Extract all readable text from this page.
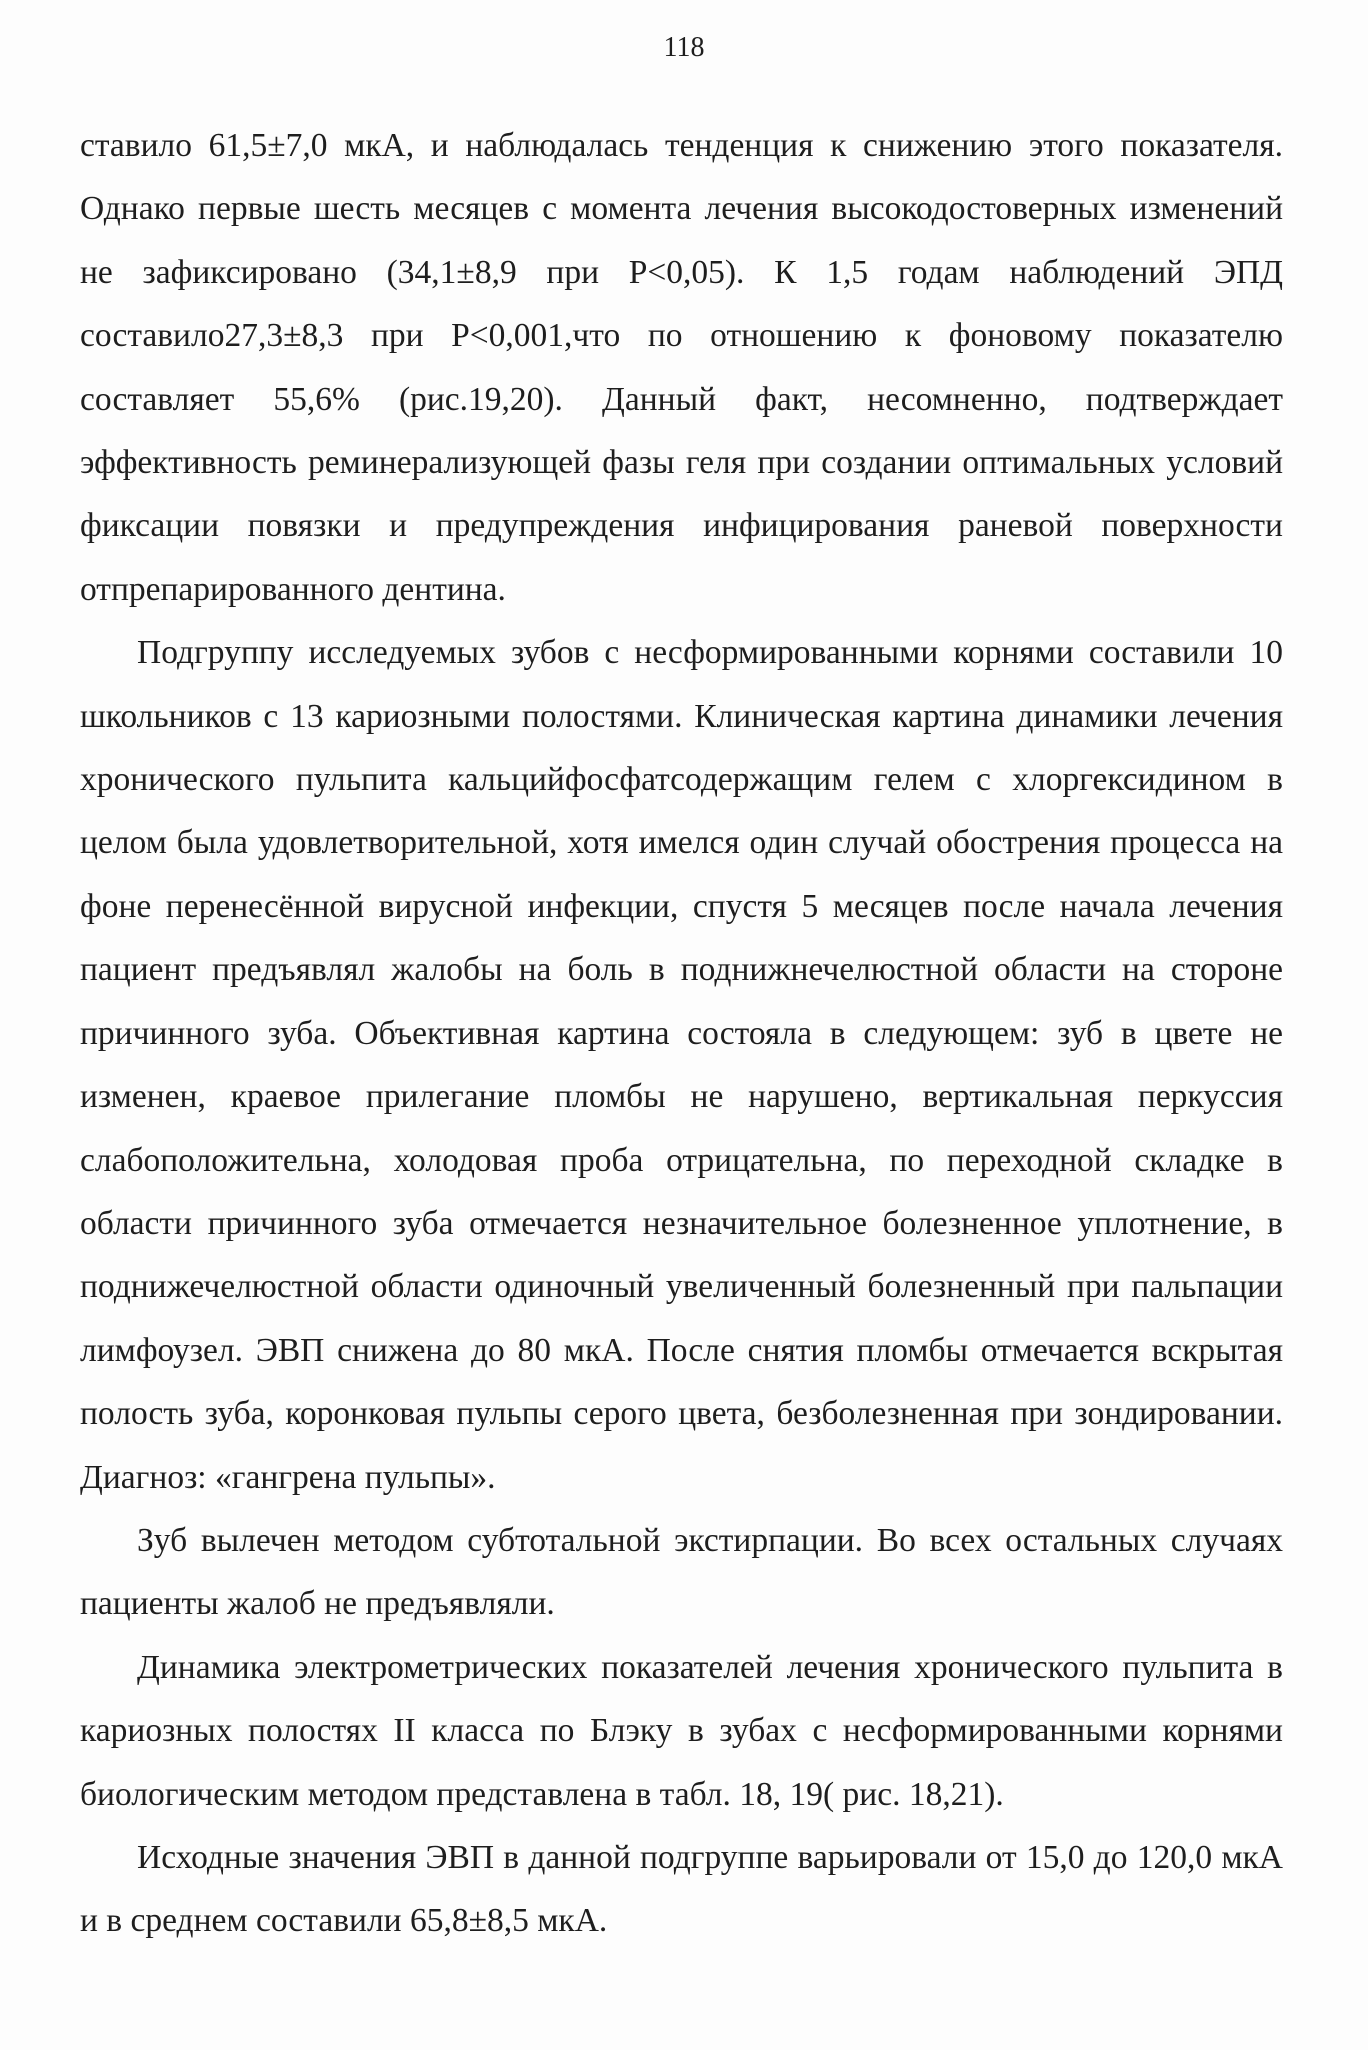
118

ставило 61,5±7,0 мкА, и наблюдалась тенденция к снижению этого показателя. Однако первые шесть месяцев с момента лечения высокодостоверных изменений не зафиксировано (34,1±8,9 при Р<0,05). К 1,5 годам наблюдений ЭПД составило27,3±8,3 при Р<0,001,что по отношению к фоновому показателю составляет 55,6% (рис.19,20). Данный факт, несомненно, подтверждает эффективность реминерализующей фазы геля при создании оптимальных условий фиксации повязки и предупреждения инфицирования раневой поверхности отпрепарированного дентина.

Подгруппу исследуемых зубов с несформированными корнями составили 10 школьников с 13 кариозными полостями. Клиническая картина динамики лечения хронического пульпита кальцийфосфатсодержащим гелем с хлоргексидином в целом была удовлетворительной, хотя имелся один случай обострения процесса на фоне перенесённой вирусной инфекции, спустя 5 месяцев после начала лечения пациент предъявлял жалобы на боль в поднижнечелюстной области на стороне причинного зуба. Объективная картина состояла в следующем: зуб в цвете не изменен, краевое прилегание пломбы не нарушено, вертикальная перкуссия слабоположительна, холодовая проба отрицательна, по переходной складке в области причинного зуба отмечается незначительное болезненное уплотнение, в поднижечелюстной области одиночный увеличенный болезненный при пальпации лимфоузел. ЭВП снижена до 80 мкА. После снятия пломбы отмечается вскрытая полость зуба, коронковая пульпы серого цвета, безболезненная при зондировании. Диагноз: «гангрена пульпы».

Зуб вылечен методом субтотальной экстирпации. Во всех остальных случаях пациенты жалоб не предъявляли.

Динамика электрометрических показателей лечения хронического пульпита в кариозных полостях II класса по Блэку в зубах с несформированными корнями биологическим методом представлена в табл. 18, 19( рис. 18,21).

Исходные значения ЭВП в данной подгруппе варьировали от 15,0 до 120,0 мкА и в среднем составили 65,8±8,5 мкА.
